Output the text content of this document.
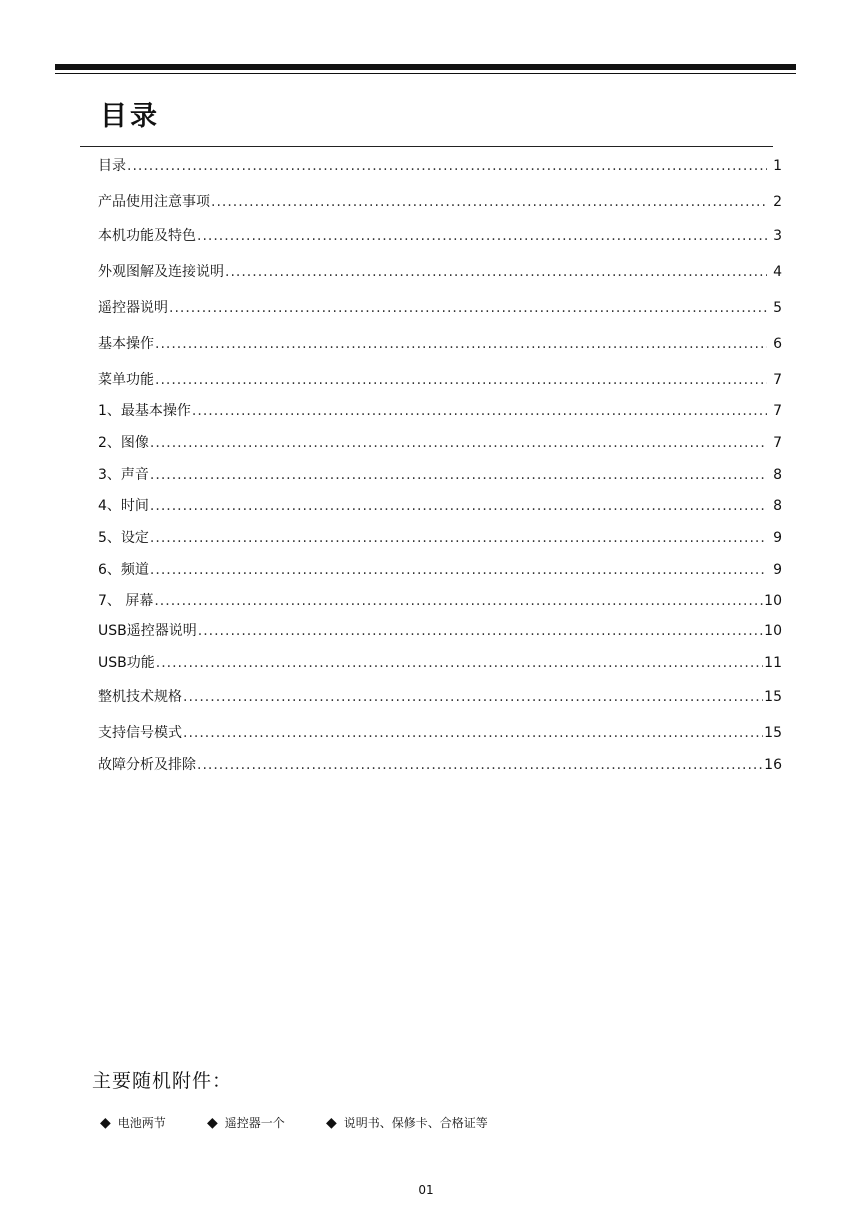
目录
目录 .....	1
产品使用注意事项 .....	2
本机功能及特色 .....	3
外观图解及连接说明 .....	4
遥控器说明 .....	5
基本操作 .....	6
菜单功能 .....	7
1、最基本操作 .....	7
2、图像 .....	7
3、声音 .....	8
4、时间 .....	8
5、设定 .....	9
6、频道 .....	9
7、 屏幕 .....	10
USB遥控器说明 .....	10
USB功能 .....	11
整机技术规格 .....	15
支持信号模式 .....	15
故障分析及排除 .....	16
主要随机附件：
◆ 电池两节	◆ 遥控器一个	◆ 说明书、保修卡、合格证等
01
